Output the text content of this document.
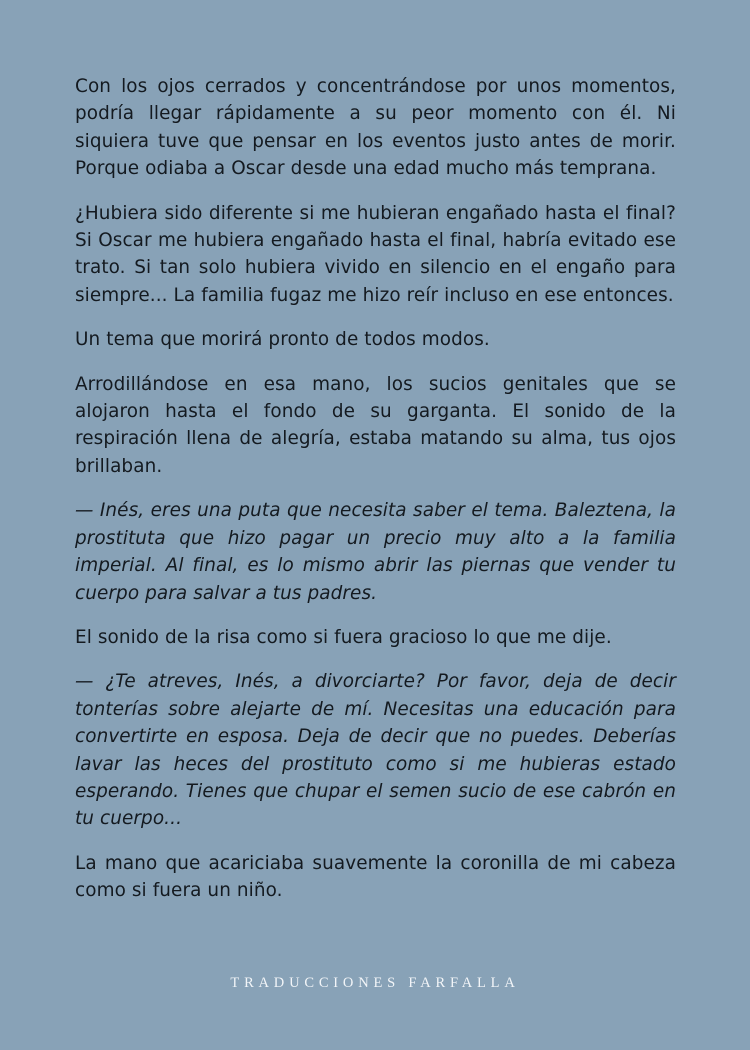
Con los ojos cerrados y concentrándose por unos momentos, podría llegar rápidamente a su peor momento con él. Ni siquiera tuve que pensar en los eventos justo antes de morir. Porque odiaba a Oscar desde una edad mucho más temprana.

¿Hubiera sido diferente si me hubieran engañado hasta el final? Si Oscar me hubiera engañado hasta el final, habría evitado ese trato. Si tan solo hubiera vivido en silencio en el engaño para siempre... La familia fugaz me hizo reír incluso en ese entonces.

Un tema que morirá pronto de todos modos.

Arrodillándose en esa mano, los sucios genitales que se alojaron hasta el fondo de su garganta. El sonido de la respiración llena de alegría, estaba matando su alma, tus ojos brillaban.

— Inés, eres una puta que necesita saber el tema. Baleztena, la prostituta que hizo pagar un precio muy alto a la familia imperial. Al final, es lo mismo abrir las piernas que vender tu cuerpo para salvar a tus padres.

El sonido de la risa como si fuera gracioso lo que me dije.

— ¿Te atreves, Inés, a divorciarte? Por favor, deja de decir tonterías sobre alejarte de mí. Necesitas una educación para convertirte en esposa. Deja de decir que no puedes. Deberías lavar las heces del prostituto como si me hubieras estado esperando. Tienes que chupar el semen sucio de ese cabrón en tu cuerpo...

La mano que acariciaba suavemente la coronilla de mi cabeza como si fuera un niño.

TRADUCCIONES FARFALLA
